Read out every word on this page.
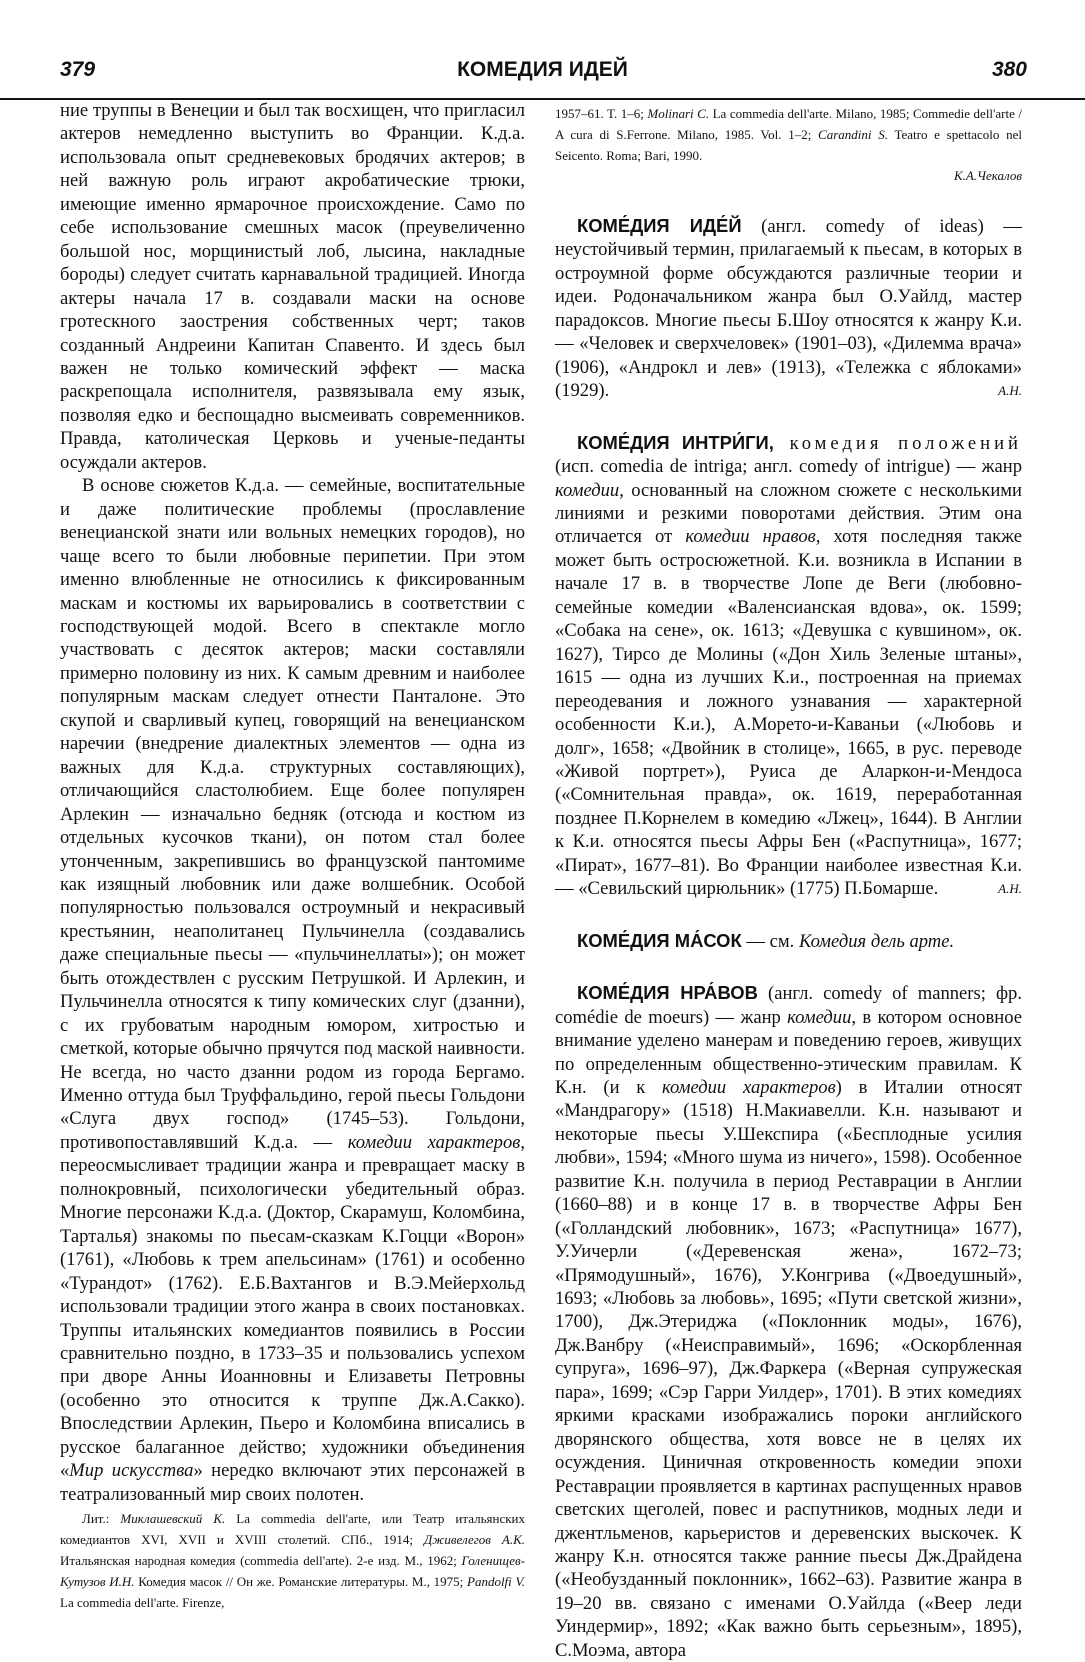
379	КОМЕДИЯ ИДЕЙ	380

ние труппы в Венеции и был так восхищен, что пригласил актеров немедленно выступить во Франции. К.д.а. использовала опыт средневековых бродячих актеров; в ней важную роль играют акробатические трюки, имеющие именно ярмарочное происхождение. Само по себе использование смешных масок (преувеличенно большой нос, морщинистый лоб, лысина, накладные бороды) следует считать карнавальной традицией. Иногда актеры начала 17 в. создавали маски на основе гротескного заострения собственных черт; таков созданный Андреини Капитан Спавенто. И здесь был важен не только комический эффект — маска раскрепощала исполнителя, развязывала ему язык, позволяя едко и беспощадно высмеивать современников. Правда, католическая Церковь и ученые-педанты осуждали актеров.

В основе сюжетов К.д.а. — семейные, воспитательные и даже политические проблемы (прославление венецианской знати или вольных немецких городов), но чаще всего то были любовные перипетии. При этом именно влюбленные не относились к фиксированным маскам и костюмы их варьировались в соответствии с господствующей модой. Всего в спектакле могло участвовать с десяток актеров; маски составляли примерно половину из них. К самым древним и наиболее популярным маскам следует отнести Панталоне. Это скупой и сварливый купец, говорящий на венецианском наречии (внедрение диалектных элементов — одна из важных для К.д.а. структурных составляющих), отличающийся сластолюбием. Еще более популярен Арлекин — изначально бедняк (отсюда и костюм из отдельных кусочков ткани), он потом стал более утонченным, закрепившись во французской пантомиме как изящный любовник или даже волшебник. Особой популярностью пользовался остроумный и некрасивый крестьянин, неаполитанец Пульчинелла (создавались даже специальные пьесы — «пульчинеллаты»); он может быть отождествлен с русским Петрушкой. И Арлекин, и Пульчинелла относятся к типу комических слуг (дзанни), с их грубоватым народным юмором, хитростью и сметкой, которые обычно прячутся под маской наивности. Не всегда, но часто дзанни родом из города Бергамо. Именно оттуда был Труффальдино, герой пьесы Гольдони «Слуга двух господ» (1745–53). Гольдони, противопоставлявший К.д.а. — комедии характеров, переосмысливает традиции жанра и превращает маску в полнокровный, психологически убедительный образ. Многие персонажи К.д.а. (Доктор, Скарамуш, Коломбина, Тарталья) знакомы по пьесам-сказкам К.Гоцци «Ворон» (1761), «Любовь к трем апельсинам» (1761) и особенно «Турандот» (1762). Е.Б.Вахтангов и В.Э.Мейерхольд использовали традиции этого жанра в своих постановках. Труппы итальянских комедиантов появились в России сравнительно поздно, в 1733–35 и пользовались успехом при дворе Анны Иоанновны и Елизаветы Петровны (особенно это относится к труппе Дж.А.Сакко). Впоследствии Арлекин, Пьеро и Коломбина вписались в русское балаганное действо; художники объединения «Мир искусства» нередко включают этих персонажей в театрализованный мир своих полотен.

Лит.: Миклашевский К. La commedia dell'arte, или Театр итальянских комедиантов XVI, XVII и XVIII столетий. СПб., 1914; Дживелегов А.К. Итальянская народная комедия (commedia dell'arte). 2-е изд. М., 1962; Голенищев-Кутузов И.Н. Комедия масок // Он же. Романские литературы. М., 1975; Pandolfi V. La commedia dell'arte. Firenze,

1957–61. T. 1–6; Molinari C. La commedia dell'arte. Milano, 1985; Commedie dell'arte / A cura di S.Ferrone. Milano, 1985. Vol. 1–2; Carandini S. Teatro e spettacolo nel Seicento. Roma; Bari, 1990.

К.А.Чекалов

КОМЕ́ДИЯ ИДЕ́Й (англ. comedy of ideas) — неустойчивый термин, прилагаемый к пьесам, в которых в остроумной форме обсуждаются различные теории и идеи. Родоначальником жанра был О.Уайлд, мастер парадоксов. Многие пьесы Б.Шоу относятся к жанру К.и. — «Человек и сверхчеловек» (1901–03), «Дилемма врача» (1906), «Андрокл и лев» (1913), «Тележка с яблоками» (1929).	А.Н.

КОМЕ́ДИЯ ИНТРИ́ГИ, комедия положений (исп. comedia de intriga; англ. comedy of intrigue) — жанр комедии, основанный на сложном сюжете с несколькими линиями и резкими поворотами действия. Этим она отличается от комедии нравов, хотя последняя также может быть остросюжетной. К.и. возникла в Испании в начале 17 в. в творчестве Лопе де Веги (любовно-семейные комедии «Валенсианская вдова», ок. 1599; «Собака на сене», ок. 1613; «Девушка с кувшином», ок. 1627), Тирсо де Молины («Дон Хиль Зеленые штаны», 1615 — одна из лучших К.и., построенная на приемах переодевания и ложного узнавания — характерной особенности К.и.), А.Морето-и-Каваньи («Любовь и долг», 1658; «Двойник в столице», 1665, в рус. переводе «Живой портрет»), Руиса де Аларкон-и-Мендоса («Сомнительная правда», ок. 1619, переработанная позднее П.Корнелем в комедию «Лжец», 1644). В Англии к К.и. относятся пьесы Афры Бен («Распутница», 1677; «Пират», 1677–81). Во Франции наиболее известная К.и. — «Севильский цирюльник» (1775) П.Бомарше.	А.Н.

КОМЕ́ДИЯ МА́СОК — см. Комедия дель арте.

КОМЕ́ДИЯ НРА́ВОВ (англ. comedy of manners; фр. comédie de moeurs) — жанр комедии, в котором основное внимание уделено манерам и поведению героев, живущих по определенным общественно-этическим правилам. К К.н. (и к комедии характеров) в Италии относят «Мандрагору» (1518) Н.Макиавелли. К.н. называют и некоторые пьесы У.Шекспира («Бесплодные усилия любви», 1594; «Много шума из ничего», 1598). Особенное развитие К.н. получила в период Реставрации в Англии (1660–88) и в конце 17 в. в творчестве Афры Бен («Голландский любовник», 1673; «Распутница» 1677), У.Уичерли («Деревенская жена», 1672–73; «Прямодушный», 1676), У.Конгрива («Двоедушный», 1693; «Любовь за любовь», 1695; «Пути светской жизни», 1700), Дж.Этериджа («Поклонник моды», 1676), Дж.Ванбру («Неисправимый», 1696; «Оскорбленная супруга», 1696–97), Дж.Фаркера («Верная супружеская пара», 1699; «Сэр Гарри Уилдер», 1701). В этих комедиях яркими красками изображались пороки английского дворянского общества, хотя вовсе не в целях их осуждения. Циничная откровенность комедии эпохи Реставрации проявляется в картинах распущенных нравов светских щеголей, повес и распутников, модных леди и джентльменов, карьеристов и деревенских выскочек. К жанру К.н. относятся также ранние пьесы Дж.Драйдена («Необузданный поклонник», 1662–63). Развитие жанра в 19–20 вв. связано с именами О.Уайлда («Веер леди Уиндермир», 1892; «Как важно быть серьезным», 1895), С.Моэма, автора
